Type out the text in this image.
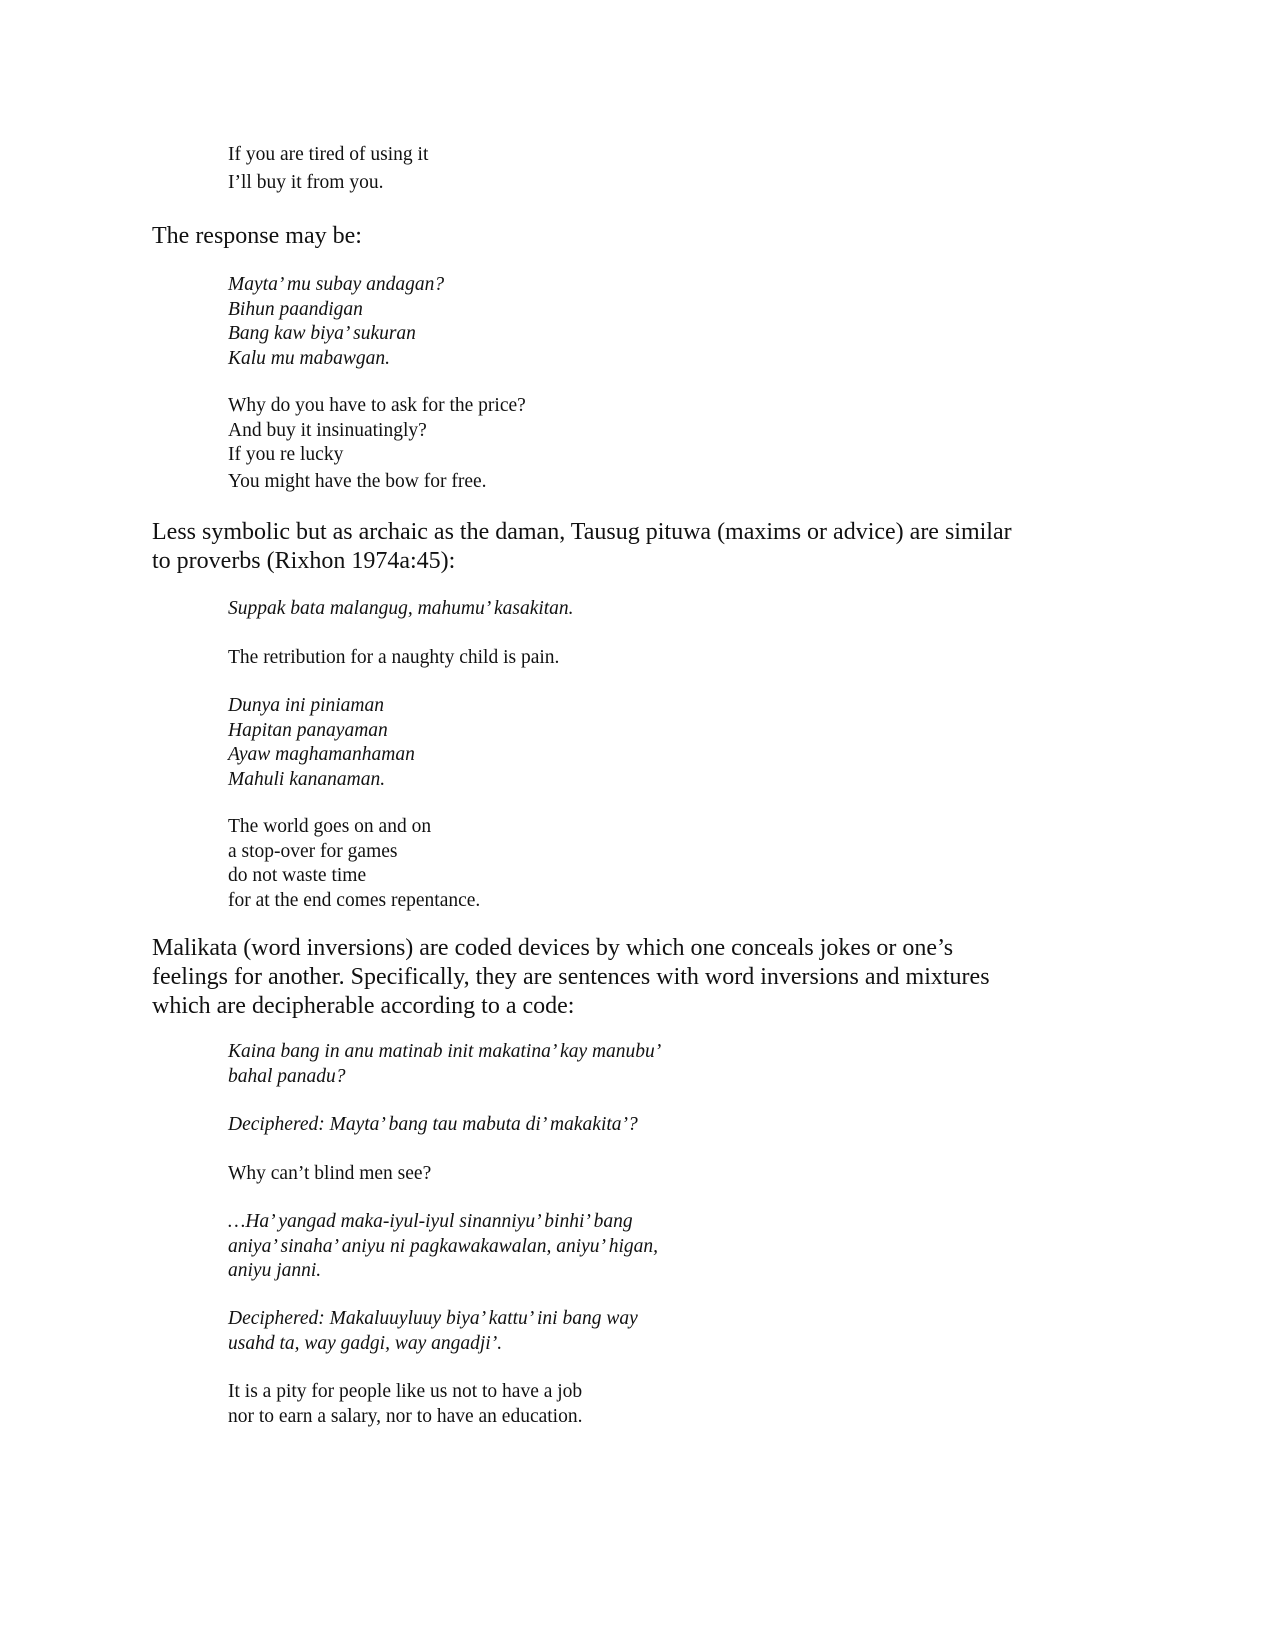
If you are tired of using it
I’ll buy it from you.

The response may be:

Mayta’ mu subay andagan?
Bihun paandigan
Bang kaw biya’ sukuran
Kalu mu mabawgan.
Why do you have to ask for the price?
And buy it insinuatingly?
If you re lucky
You might have the bow for free.

Less symbolic but as archaic as the daman, Tausug pituwa (maxims or advice) are similar to proverbs (Rixhon 1974a:45):

Suppak bata malangug, mahumu’ kasakitan.
The retribution for a naughty child is pain.
Dunya ini piniaman
Hapitan panayaman
Ayaw maghamanhaman
Mahuli kananaman.
The world goes on and on
a stop-over for games
do not waste time
for at the end comes repentance.

Malikata (word inversions) are coded devices by which one conceals jokes or one’s feelings for another. Specifically, they are sentences with word inversions and mixtures which are decipherable according to a code:

Kaina bang in anu matinab init makatina’ kay manubu’
bahal panadu?
Deciphered: Mayta’ bang tau mabuta di’ makakita’?
Why can’t blind men see?
…Ha’ yangad maka-iyul-iyul sinanniyu’ binhi’ bang
aniya’ sinaha’ aniyu ni pagkawakawalan, aniyu’ higan,
aniyu janni.
Deciphered: Makaluuyluuy biya’ kattu’ ini bang way
usahd ta, way gadgi, way angadji’.
It is a pity for people like us not to have a job
nor to earn a salary, nor to have an education.
